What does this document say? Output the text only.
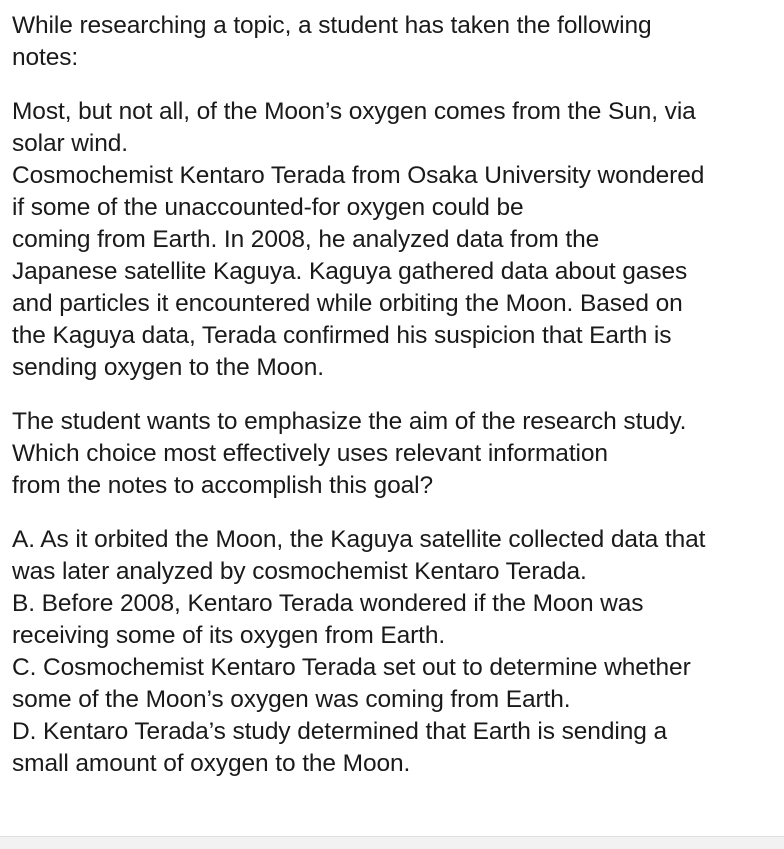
While researching a topic, a student has taken the following
notes:
Most, but not all, of the Moon’s oxygen comes from the Sun, via
solar wind.
Cosmochemist Kentaro Terada from Osaka University wondered
if some of the unaccounted-for oxygen could be
coming from Earth. In 2008, he analyzed data from the
Japanese satellite Kaguya. Kaguya gathered data about gases
and particles it encountered while orbiting the Moon. Based on
the Kaguya data, Terada confirmed his suspicion that Earth is
sending oxygen to the Moon.
The student wants to emphasize the aim of the research study.
Which choice most effectively uses relevant information
from the notes to accomplish this goal?
A. As it orbited the Moon, the Kaguya satellite collected data that
was later analyzed by cosmochemist Kentaro Terada.
B. Before 2008, Kentaro Terada wondered if the Moon was
receiving some of its oxygen from Earth.
C. Cosmochemist Kentaro Terada set out to determine whether
some of the Moon’s oxygen was coming from Earth.
D. Kentaro Terada’s study determined that Earth is sending a
small amount of oxygen to the Moon.
